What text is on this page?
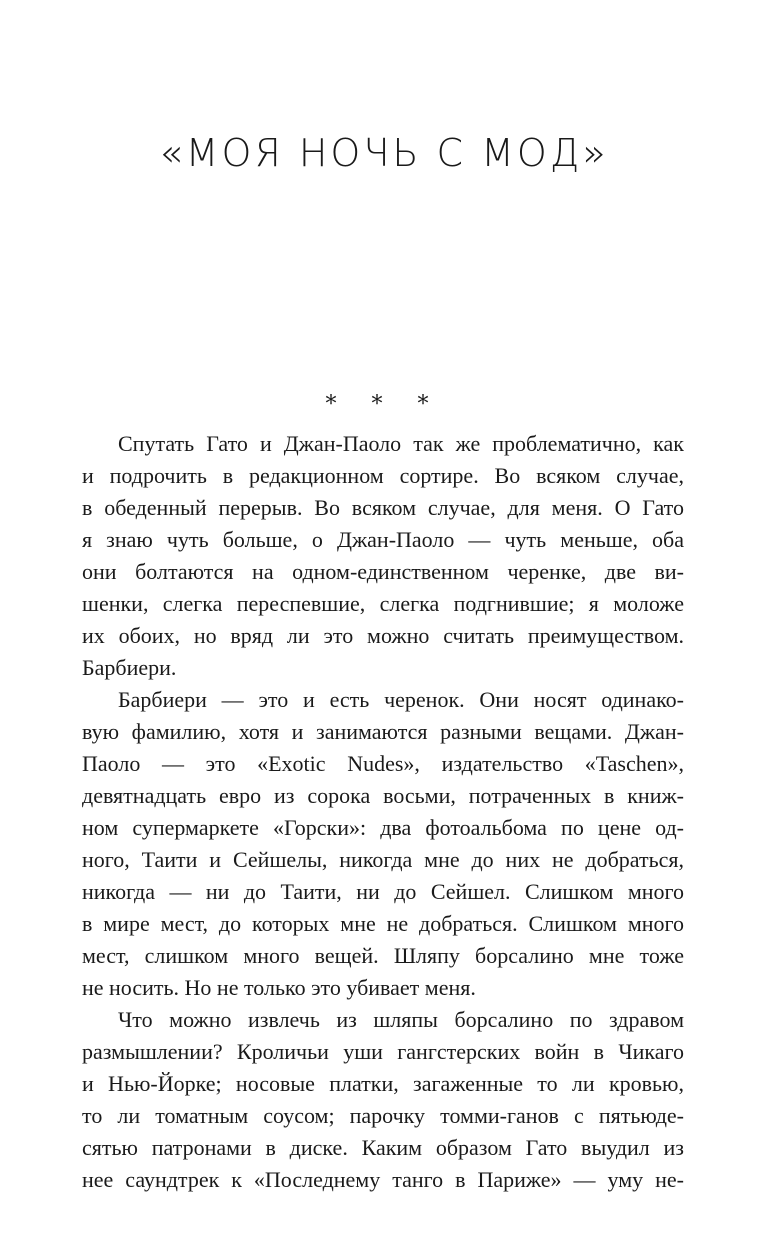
«МОЯ НОЧЬ С МОД»
* * *
Спутать Гато и Джан-Паоло так же проблематично, как
и подрочить в редакционном сортире. Во всяком случае,
в обеденный перерыв. Во всяком случае, для меня. О Гато
я знаю чуть больше, о Джан-Паоло — чуть меньше, оба
они болтаются на одном-единственном черенке, две ви-
шенки, слегка переспевшие, слегка подгнившие; я моложе
их обоих, но вряд ли это можно считать преимуществом.
Барбиери.
Барбиери — это и есть черенок. Они носят одинако-
вую фамилию, хотя и занимаются разными вещами. Джан-
Паоло — это «Exotic Nudes», издательство «Taschen»,
девятнадцать евро из сорока восьми, потраченных в книж-
ном супермаркете «Горски»: два фотоальбома по цене од-
ного, Таити и Сейшелы, никогда мне до них не добраться,
никогда — ни до Таити, ни до Сейшел. Слишком много
в мире мест, до которых мне не добраться. Слишком много
мест, слишком много вещей. Шляпу борсалино мне тоже
не носить. Но не только это убивает меня.
Что можно извлечь из шляпы борсалино по здравом
размышлении? Кроличьи уши гангстерских войн в Чикаго
и Нью-Йорке; носовые платки, загаженные то ли кровью,
то ли томатным соусом; парочку томми-ганов с пятьюде-
сятью патронами в диске. Каким образом Гато выудил из
нее саундтрек к «Последнему танго в Париже» — уму не-
